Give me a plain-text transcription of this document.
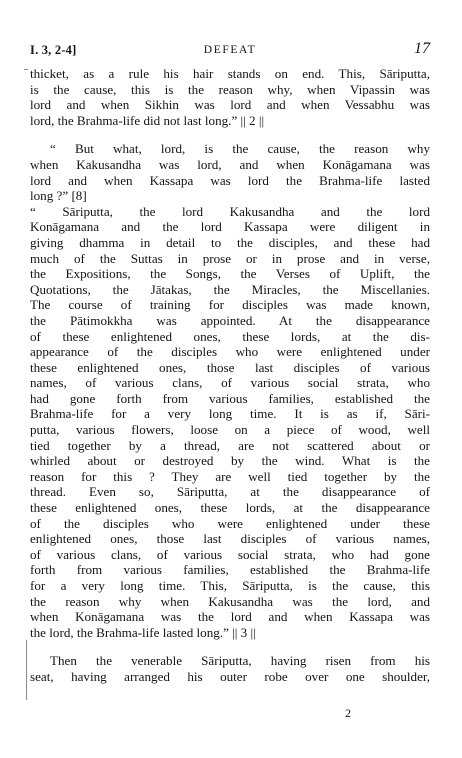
I. 3, 2-4]	DEFEAT	17

thicket, as a rule his hair stands on end. This, Sāriputta,
is the cause, this is the reason why, when Vipassin was
lord and when Sikhin was lord and when Vessabhu was
lord, the Brahma-life did not last long.” || 2 ||

“ But what, lord, is the cause, the reason why
when Kakusandha was lord, and when Konāgamana was
lord and when Kassapa was lord the Brahma-life lasted
long ?” [8]

“ Sāriputta, the lord Kakusandha and the lord
Konāgamana and the lord Kassapa were diligent in
giving dhamma in detail to the disciples, and these had
much of the Suttas in prose or in prose and in verse,
the Expositions, the Songs, the Verses of Uplift, the
Quotations, the Jātakas, the Miracles, the Miscellanies.
The course of training for disciples was made known,
the Pātimokkha was appointed. At the disappearance
of these enlightened ones, these lords, at the dis-
appearance of the disciples who were enlightened under
these enlightened ones, those last disciples of various
names, of various clans, of various social strata, who
had gone forth from various families, established the
Brahma-life for a very long time. It is as if, Sāri-
putta, various flowers, loose on a piece of wood, well
tied together by a thread, are not scattered about or
whirled about or destroyed by the wind. What is the
reason for this ? They are well tied together by the
thread. Even so, Sāriputta, at the disappearance of
these enlightened ones, these lords, at the disappearance
of the disciples who were enlightened under these
enlightened ones, those last disciples of various names,
of various clans, of various social strata, who had gone
forth from various families, established the Brahma-life
for a very long time. This, Sāriputta, is the cause, this
the reason why when Kakusandha was the lord, and
when Konāgamana was the lord and when Kassapa was
the lord, the Brahma-life lasted long.” || 3 ||

Then the venerable Sāriputta, having risen from his
seat, having arranged his outer robe over one shoulder,

2
